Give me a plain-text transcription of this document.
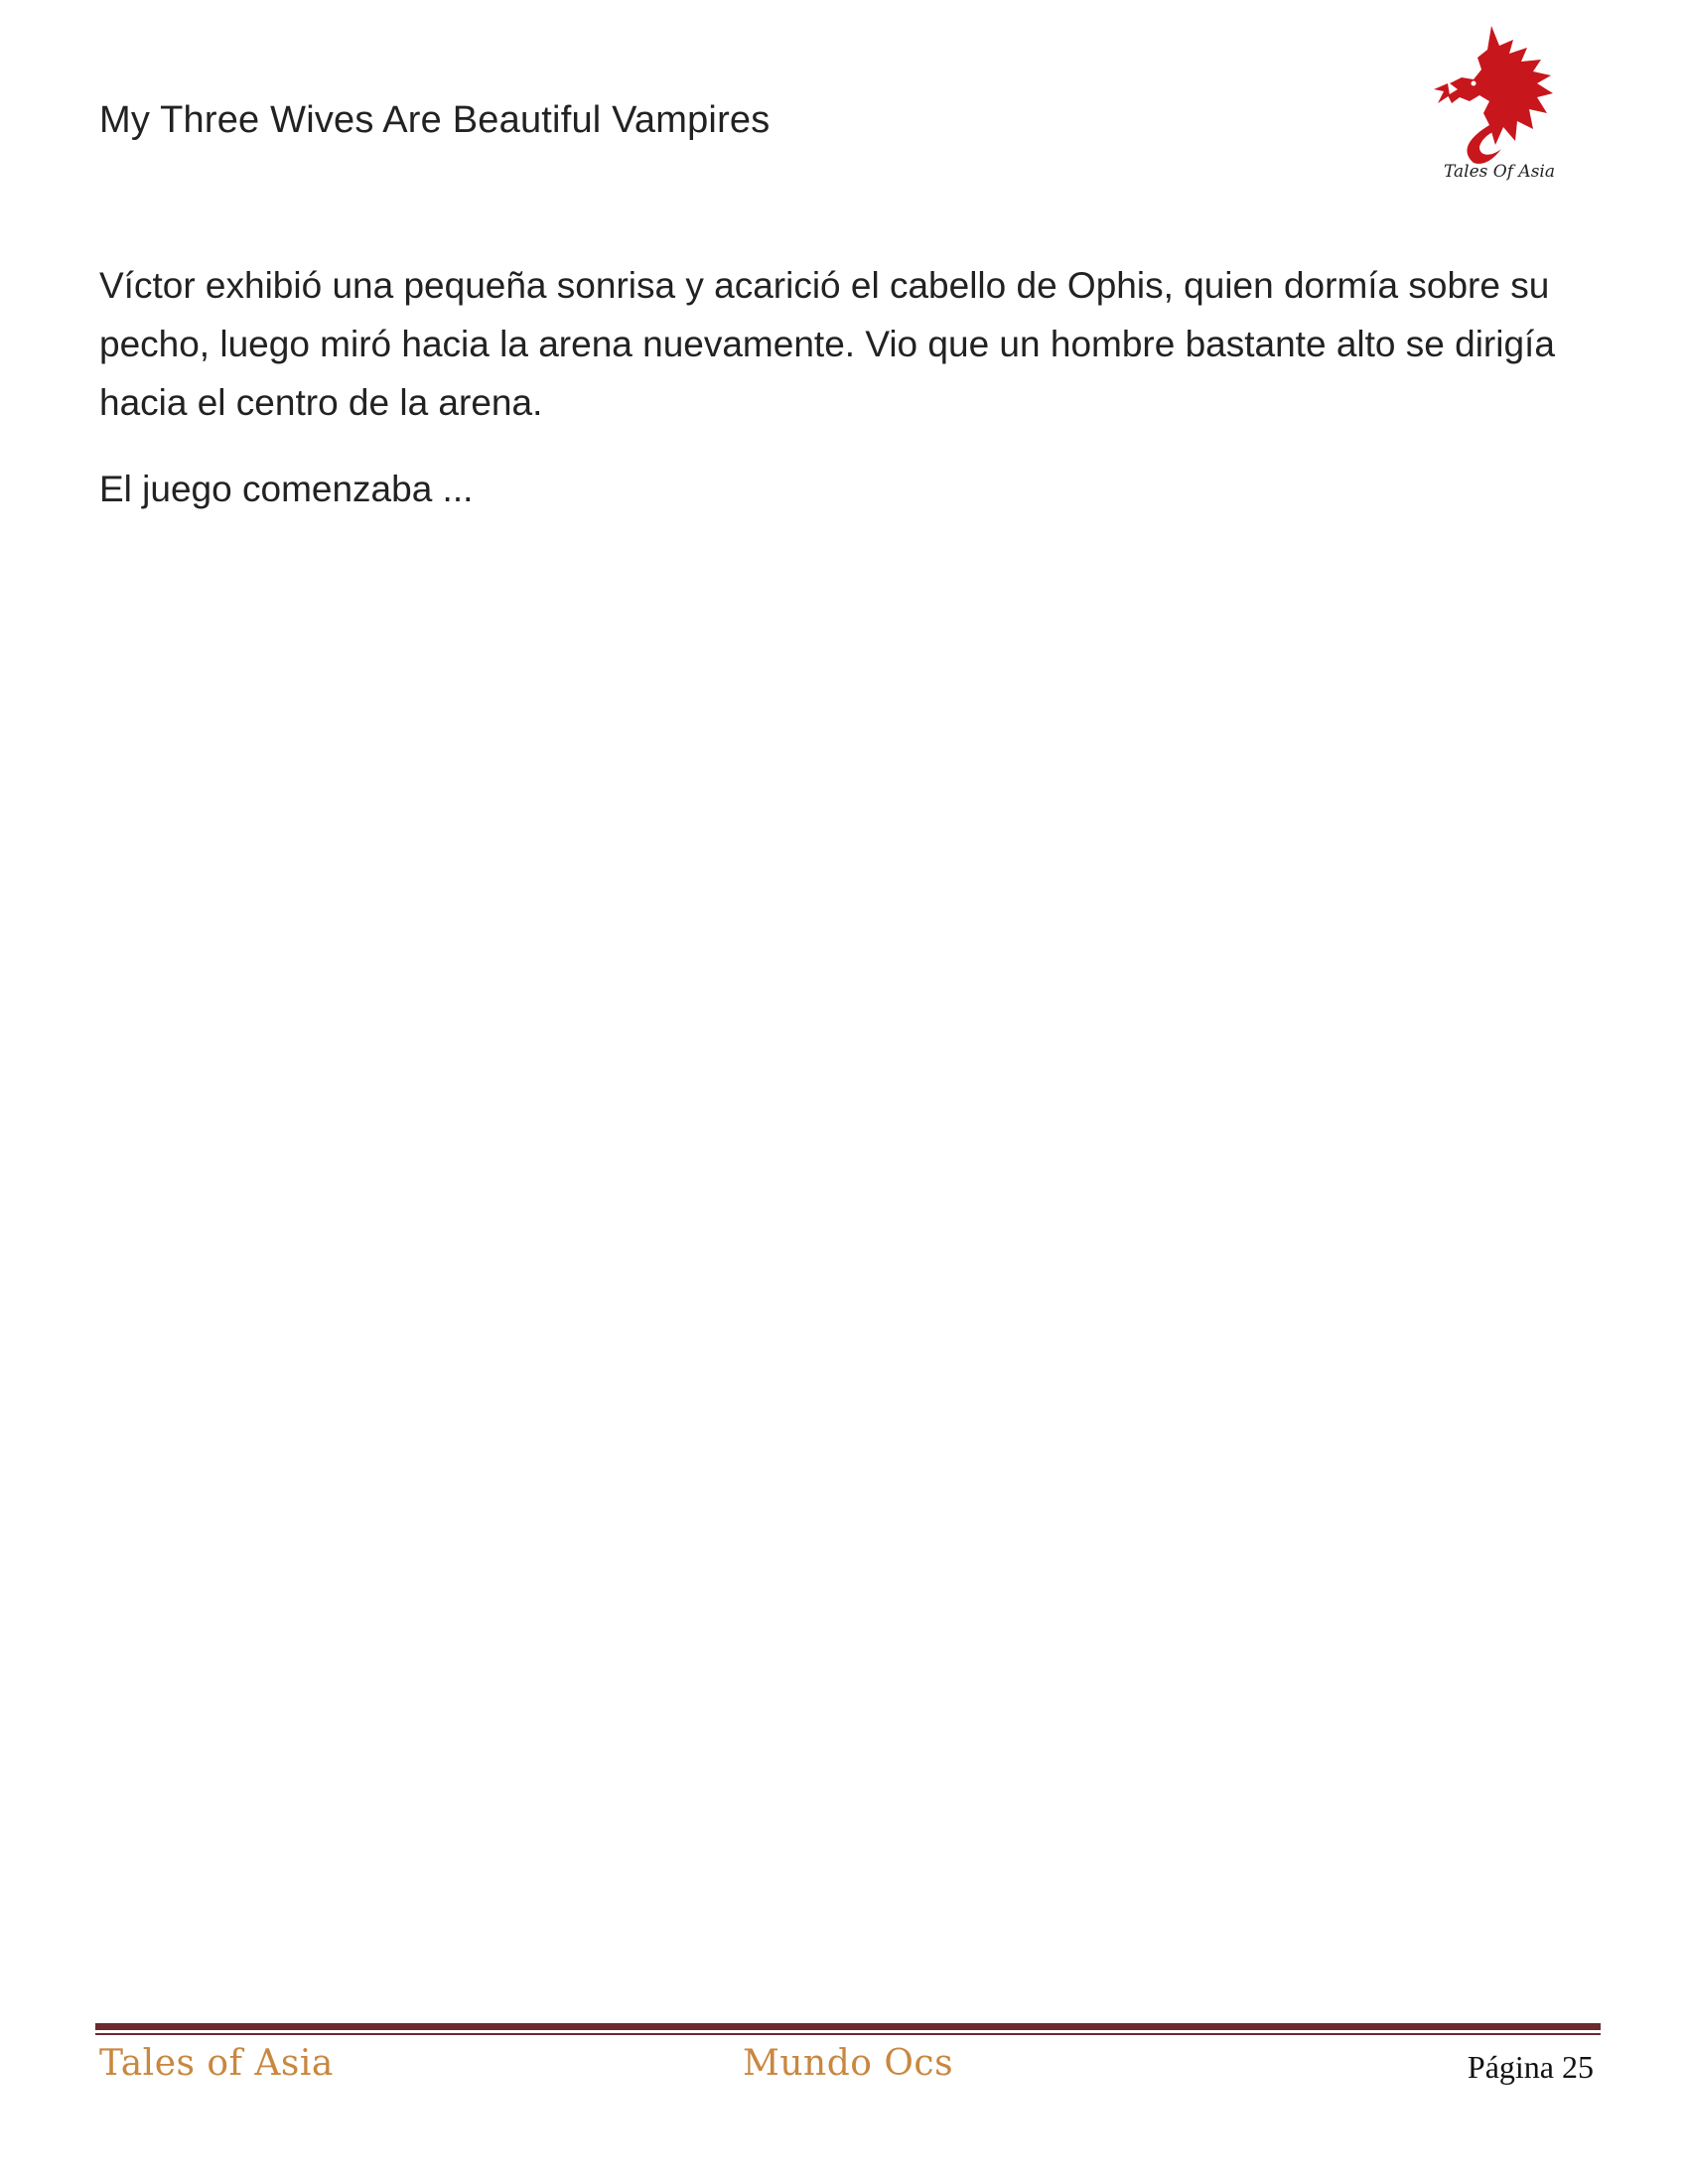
My Three Wives Are Beautiful Vampires
Tales Of Asia

Víctor exhibió una pequeña sonrisa y acarició el cabello de Ophis, quien dormía sobre su pecho, luego miró hacia la arena nuevamente. Vio que un hombre bastante alto se dirigía hacia el centro de la arena.

El juego comenzaba ...

Tales of Asia	Mundo Ocs	Página 25
